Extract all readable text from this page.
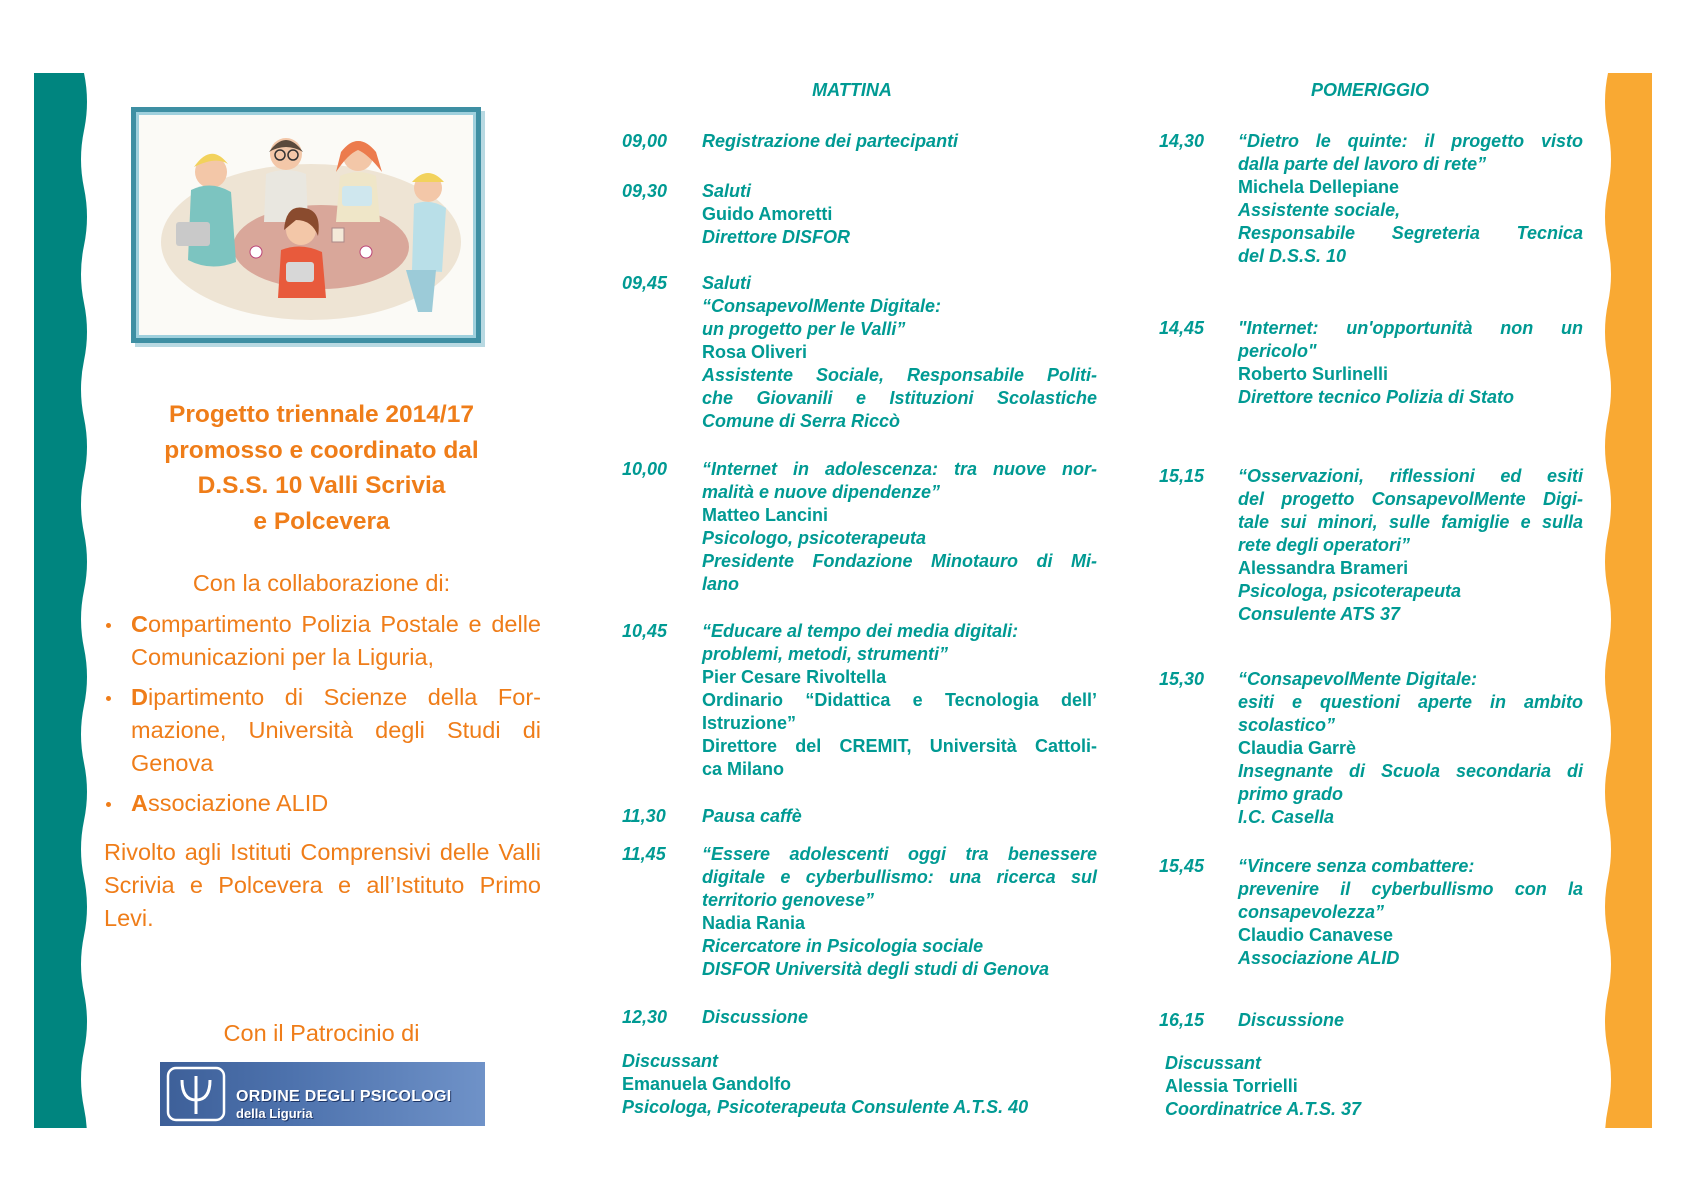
Progetto triennale 2014/17
promosso e coordinato dal
D.S.S. 10 Valli Scrivia
e Polcevera
Con la collaborazione di:
Compartimento Polizia Postale e delle Comunicazioni per la Liguria,
Dipartimento di Scienze della For-mazione, Università degli Studi di Genova
Associazione ALID
Rivolto agli Istituti Comprensivi delle Valli Scrivia e Polcevera e all’Istituto Primo Levi.
Con il Patrocinio di
ORDINE DEGLI PSICOLOGI
della Liguria
MATTINA	POMERIGGIO
09,00 Registrazione dei partecipanti
09,30 Saluti
Guido Amoretti
Direttore DISFOR
09,45 Saluti
“ConsapevolMente Digitale:
un progetto per le Valli”
Rosa Oliveri
Assistente Sociale, Responsabile Politi-
che Giovanili e Istituzioni Scolastiche
Comune di Serra Riccò
10,00 “Internet in adolescenza: tra nuove nor-
malità e nuove dipendenze”
Matteo Lancini
Psicologo, psicoterapeuta
Presidente Fondazione Minotauro di Mi-
lano
10,45 “Educare al tempo dei media digitali:
problemi, metodi, strumenti”
Pier Cesare Rivoltella
Ordinario “Didattica e Tecnologia dell’
Istruzione”
Direttore del CREMIT, Università Cattoli-
ca Milano
11,30 Pausa caffè
11,45 “Essere adolescenti oggi tra benessere
digitale e cyberbullismo: una ricerca sul
territorio genovese”
Nadia Rania
Ricercatore in Psicologia sociale
DISFOR Università degli studi di Genova
12,30 Discussione
14,30 “Dietro le quinte: il progetto visto
dalla parte del lavoro di rete”
Michela Dellepiane
Assistente sociale,
Responsabile Segreteria Tecnica
del D.S.S. 10
14,45 "Internet: un'opportunità non un
pericolo"
Roberto Surlinelli
Direttore tecnico Polizia di Stato
15,15 “Osservazioni, riflessioni ed esiti
del progetto ConsapevolMente Digi-
tale sui minori, sulle famiglie e sulla
rete degli operatori”
Alessandra Brameri
Psicologa, psicoterapeuta
Consulente ATS 37
15,30 “ConsapevolMente Digitale:
esiti e questioni aperte in ambito
scolastico”
Claudia Garrè
Insegnante di Scuola secondaria di
primo grado
I.C. Casella
15,45 “Vincere senza combattere:
prevenire il cyberbullismo con la
consapevolezza”
Claudio Canavese
Associazione ALID
16,15 Discussione
Discussant
Emanuela Gandolfo
Psicologa, Psicoterapeuta Consulente A.T.S. 40
Discussant
Alessia Torrielli
Coordinatrice A.T.S. 37
